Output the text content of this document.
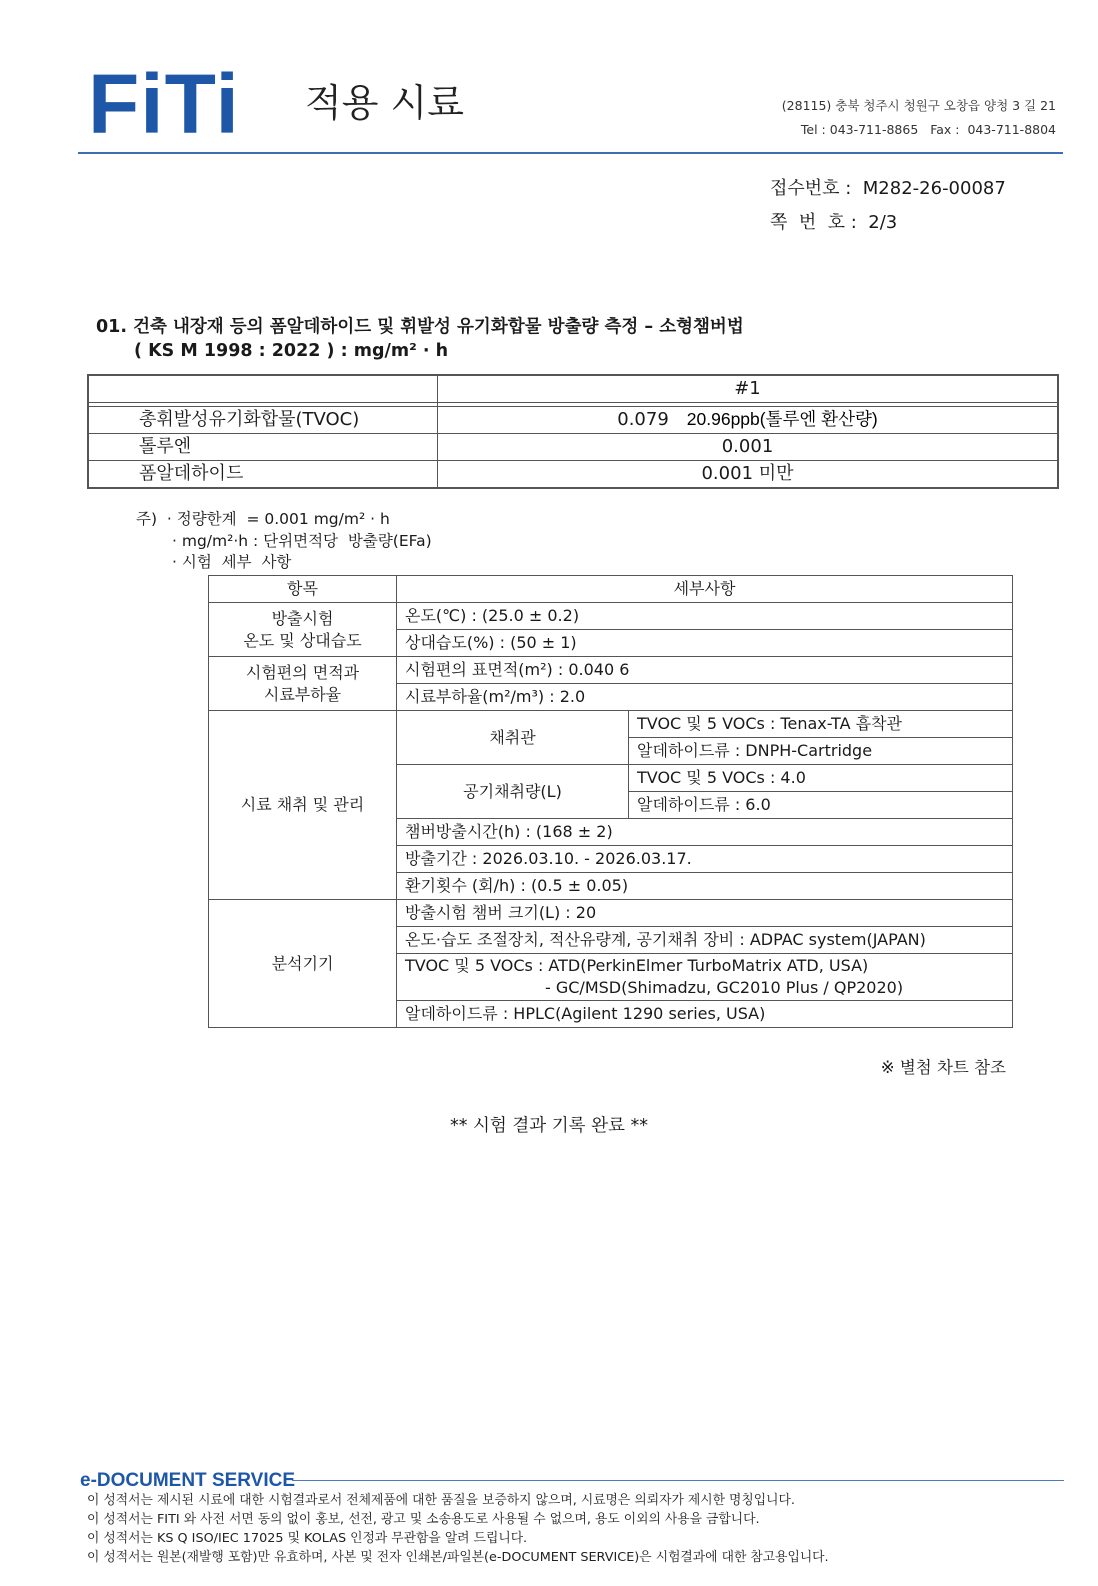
FiTi 적용 시료	(28115) 충북 청주시 청원구 오창읍 양청 3 길 21
Tel : 043-711-8865 Fax :  043-711-8804
접수번호 :  M282-26-00087
쪽  번  호 :  2/3
01. 건축 내장재 등의 폼알데하이드 및 휘발성 유기화합물 방출량 측정 – 소형챔버법
( KS M 1998 : 2022 ) : mg/m² · h
	#1

총휘발성유기화합물(TVOC)	0.079 20.96ppb(톨루엔 환산량)
톨루엔	0.001
폼알데하이드	0.001 미만
주)  · 정량한계  = 0.001 mg/m² · h
· mg/m²·h : 단위면적당  방출량(EFa)
· 시험  세부  사항
항목	세부사항	
방출시험
온도 및 상대습도	온도(℃) : (25.0 ± 0.2)	
	상대습도(%) : (50 ± 1)	
시험편의 면적과
시료부하율	시험편의 표면적(m²) : 0.040 6	
	시료부하율(m²/m³) : 2.0	
시료 채취 및 관리	채취관	TVOC 및 5 VOCs : Tenax-TA 흡착관
		알데하이드류 : DNPH-Cartridge
	공기채취량(L)	TVOC 및 5 VOCs : 4.0
		알데하이드류 : 6.0
	챔버방출시간(h) : (168 ± 2)	
	방출기간 : 2026.03.10. - 2026.03.17.	
	환기횟수 (회/h) : (0.5 ± 0.05)	
분석기기	방출시험 챔버 크기(L) : 20	
	온도·습도 조절장치, 적산유량계, 공기채취 장비 : ADPAC system(JAPAN)	
	TVOC 및 5 VOCs : ATD(PerkinElmer TurboMatrix ATD, USA)
- GC/MSD(Shimadzu, GC2010 Plus / QP2020)	

	알데하이드류 : HPLC(Agilent 1290 series, USA)	
※ 별첨 차트 참조
** 시험 결과 기록 완료 **
e-DOCUMENT SERVICE
이 성적서는 제시된 시료에 대한 시험결과로서 전체제품에 대한 품질을 보증하지 않으며, 시료명은 의뢰자가 제시한 명칭입니다.
이 성적서는 FITI 와 사전 서면 동의 없이 홍보, 선전, 광고 및 소송용도로 사용될 수 없으며, 용도 이외의 사용을 금합니다.
이 성적서는 KS Q ISO/IEC 17025 및 KOLAS 인정과 무관함을 알려 드립니다.
이 성적서는 원본(재발행 포함)만 유효하며, 사본 및 전자 인쇄본/파일본(e-DOCUMENT SERVICE)은 시험결과에 대한 참고용입니다.
